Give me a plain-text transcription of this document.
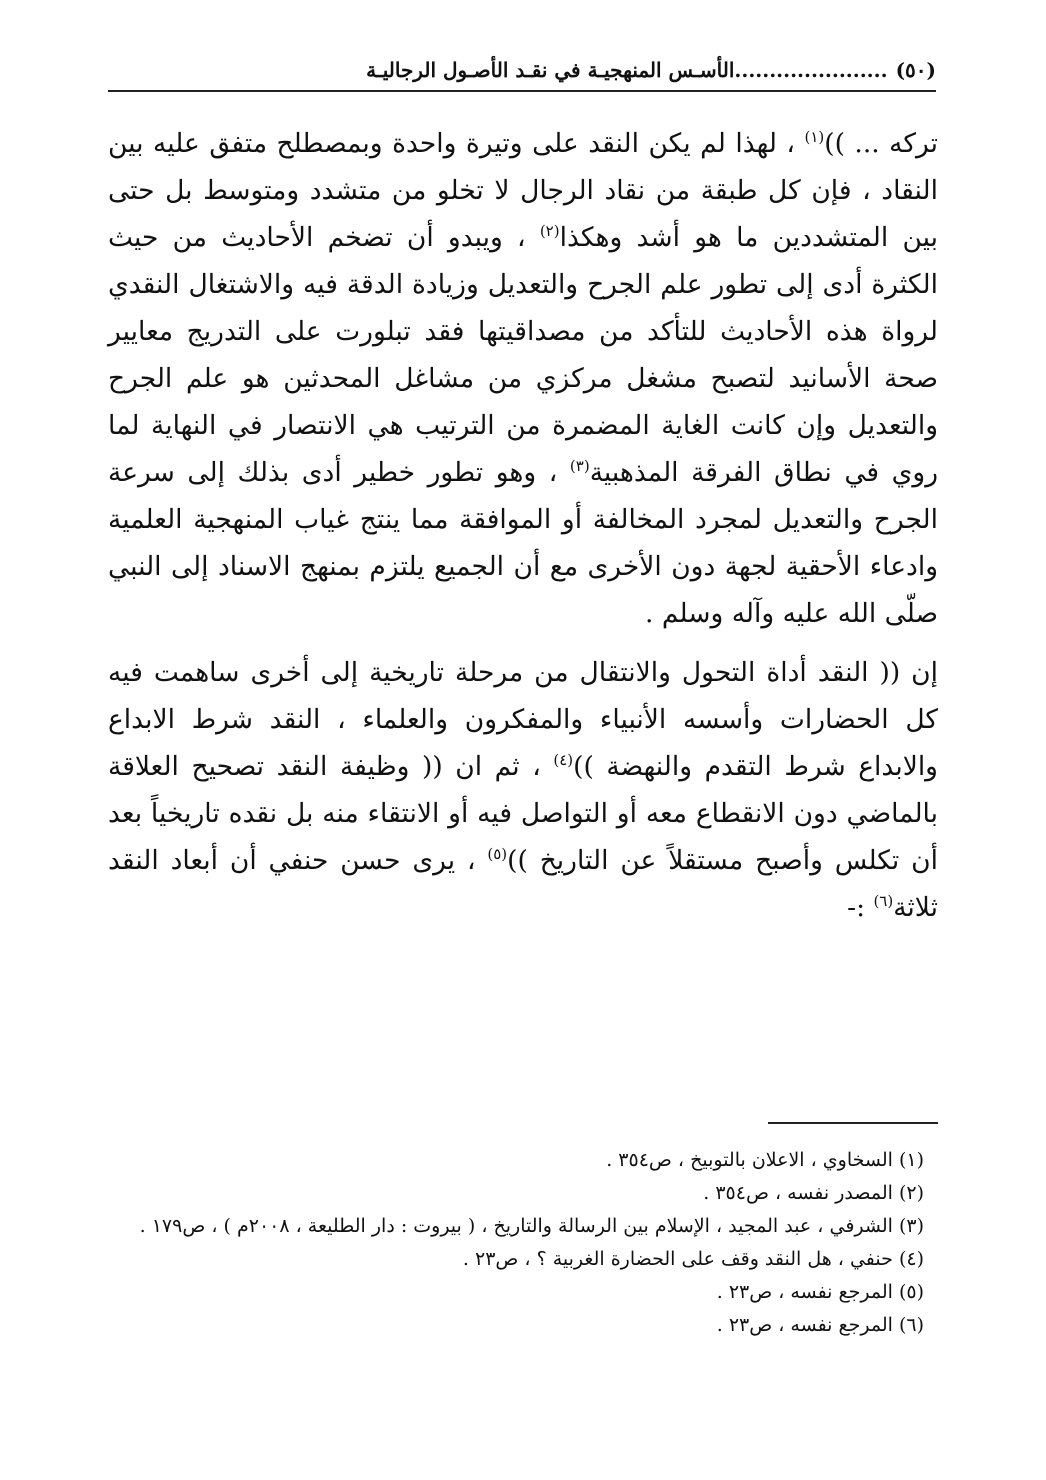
(٥٠)
......................
الأسـس المنهجيـة في نقـد الأصـول الرجاليـة

تركه ... ))$^{(١)}$ ، لهذا لم يكن النقد على وتيرة واحدة وبمصطلح متفق عليه بين النقاد ، فإن كل طبقة من نقاد الرجال لا تخلو من متشدد ومتوسط بل حتى بين المتشددين ما هو أشد وهكذا$^{(٢)}$ ، ويبدو أن تضخم الأحاديث من حيث الكثرة أدى إلى تطور علم الجرح والتعديل وزيادة الدقة فيه والاشتغال النقدي لرواة هذه الأحاديث للتأكد من مصداقيتها فقد تبلورت على التدريج معايير صحة الأسانيد لتصبح مشغل مركزي من مشاغل المحدثين هو علم الجرح والتعديل وإن كانت الغاية المضمرة من الترتيب هي الانتصار في النهاية لما روي في نطاق الفرقة المذهبية$^{(٣)}$ ، وهو تطور خطير أدى بذلك إلى سرعة الجرح والتعديل لمجرد المخالفة أو الموافقة مما ينتج غياب المنهجية العلمية وادعاء الأحقية لجهة دون الأخرى مع أن الجميع يلتزم بمنهج الاسناد إلى النبي صلّى الله عليه وآله وسلم .

إن (( النقد أداة التحول والانتقال من مرحلة تاريخية إلى أخرى ساهمت فيه كل الحضارات وأسسه الأنبياء والمفكرون والعلماء ، النقد شرط الابداع والابداع شرط التقدم والنهضة ))$^{(٤)}$ ، ثم ان (( وظيفة النقد تصحيح العلاقة بالماضي دون الانقطاع معه أو التواصل فيه أو الانتقاء منه بل نقده تاريخياً بعد أن تكلس وأصبح مستقلاً عن التاريخ ))$^{(٥)}$ ، يرى حسن حنفي أن أبعاد النقد ثلاثة$^{(٦)}$ :-

(١) السخاوي ، الاعلان بالتوبيخ ، ص٣٥٤ .
(٢) المصدر نفسه ، ص٣٥٤ .
(٣) الشرفي ، عبد المجيد ، الإسلام بين الرسالة والتاريخ ، ( بيروت : دار الطليعة ، ٢٠٠٨م ) ، ص١٧٩ .
(٤) حنفي ، هل النقد وقف على الحضارة الغربية ؟ ، ص٢٣ .
(٥) المرجع نفسه ، ص٢٣ .
(٦) المرجع نفسه ، ص٢٣ .
